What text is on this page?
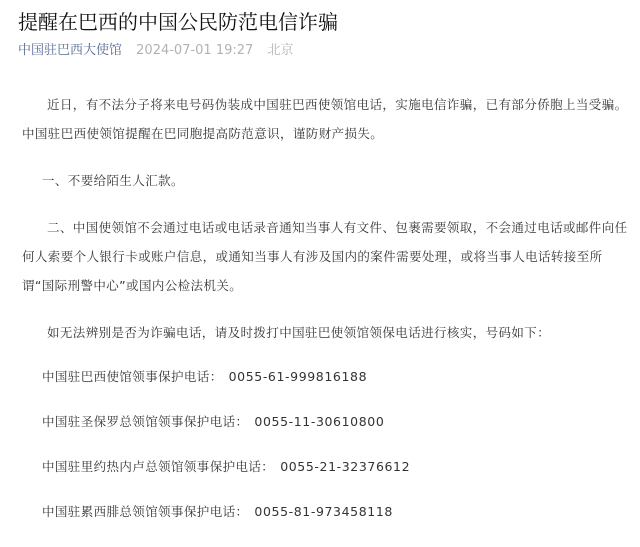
提醒在巴西的中国公民防范电信诈骗
中国驻巴西大使馆 2024-07-01 19:27 北京

近日，有不法分子将来电号码伪装成中国驻巴西使领馆电话，实施电信诈骗，已有部分侨胞上当受骗。中国驻巴西使领馆提醒在巴同胞提高防范意识，谨防财产损失。

一、不要给陌生人汇款。

二、中国使领馆不会通过电话或电话录音通知当事人有文件、包裹需要领取，不会通过电话或邮件向任何人索要个人银行卡或账户信息，或通知当事人有涉及国内的案件需要处理，或将当事人电话转接至所谓“国际刑警中心”或国内公检法机关。

如无法辨别是否为诈骗电话，请及时拨打中国驻巴使领馆领保电话进行核实，号码如下：

中国驻巴西使馆领事保护电话： 0055-61-999816188

中国驻圣保罗总领馆领事保护电话： 0055-11-30610800

中国驻里约热内卢总领馆领事保护电话： 0055-21-32376612

中国驻累西腓总领馆领事保护电话： 0055-81-973458118
